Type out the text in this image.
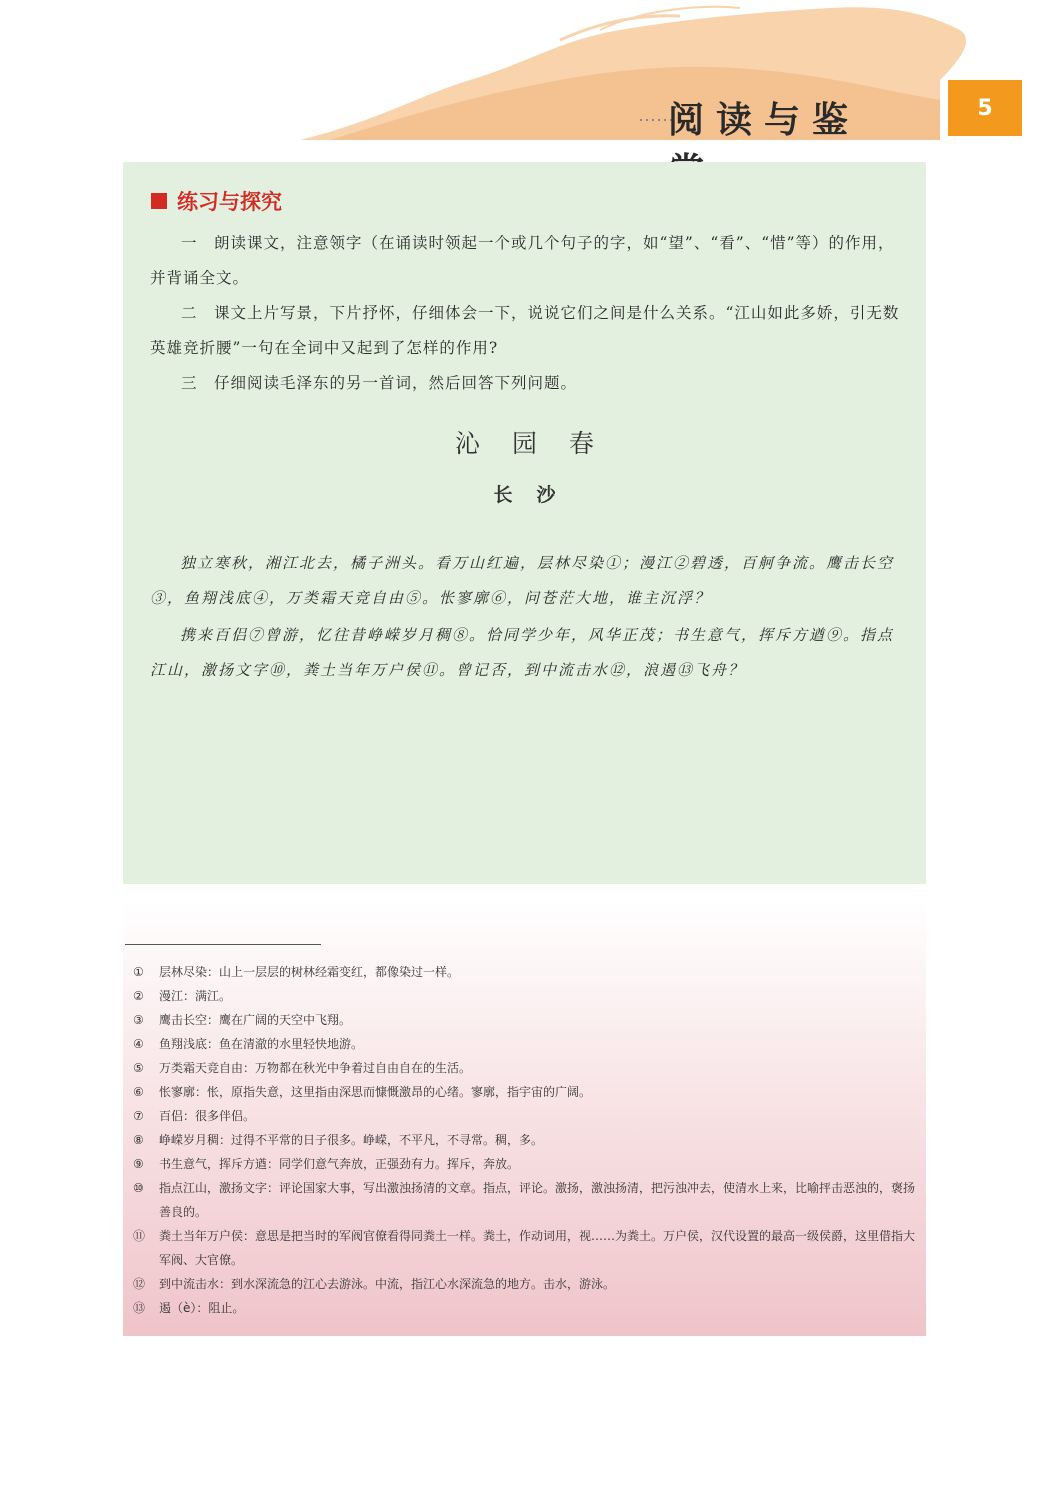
阅读与鉴	5
练习与探究
一　朗读课文，注意领字（在诵读时领起一个或几个句子的字，如“望”、“看”、“惜”等）的作用，并背诵全文。
二　课文上片写景，下片抒怀，仔细体会一下，说说它们之间是什么关系。“江山如此多娇，引无数英雄竞折腰”一句在全词中又起到了怎样的作用?
三　仔细阅读毛泽东的另一首词，然后回答下列问题。
沁园春
长沙
独立寒秋，湘江北去，橘子洲头。看万山红遍，层林尽染①；漫江②碧透，百舸争流。鹰击长空③，鱼翔浅底④，万类霜天竞自由⑤。怅寥廓⑥，问苍茫大地，谁主沉浮？
携来百侣⑦曾游，忆往昔峥嵘岁月稠⑧。恰同学少年，风华正茂；书生意气，挥斥方遒⑨。指点江山，激扬文字⑩，粪土当年万户侯⑪。曾记否，到中流击水⑫，浪遏⑬飞舟？
①	层林尽染：山上一层层的树林经霜变红，都像染过一样。
②	漫江：满江。
③	鹰击长空：鹰在广阔的天空中飞翔。
④	鱼翔浅底：鱼在清澈的水里轻快地游。
⑤	万类霜天竞自由：万物都在秋光中争着过自由自在的生活。
⑥	怅寥廓：怅，原指失意，这里指由深思而慷慨激昂的心绪。寥廓，指宇宙的广阔。
⑦	百侣：很多伴侣。
⑧	峥嵘岁月稠：过得不平常的日子很多。峥嵘，不平凡，不寻常。稠，多。
⑨	书生意气，挥斥方遒：同学们意气奔放，正强劲有力。挥斥，奔放。
⑩	指点江山，激扬文字：评论国家大事，写出激浊扬清的文章。指点，评论。激扬，激浊扬清，把污浊冲去，使清水上来，比喻抨击恶浊的，褒扬善良的。
⑪	粪土当年万户侯：意思是把当时的军阀官僚看得同粪土一样。粪土，作动词用，视……为粪土。万户侯，汉代设置的最高一级侯爵，这里借指大军阀、大官僚。
⑫	到中流击水：到水深流急的江心去游泳。中流，指江心水深流急的地方。击水，游泳。
⑬	遏（è）：阻止。
